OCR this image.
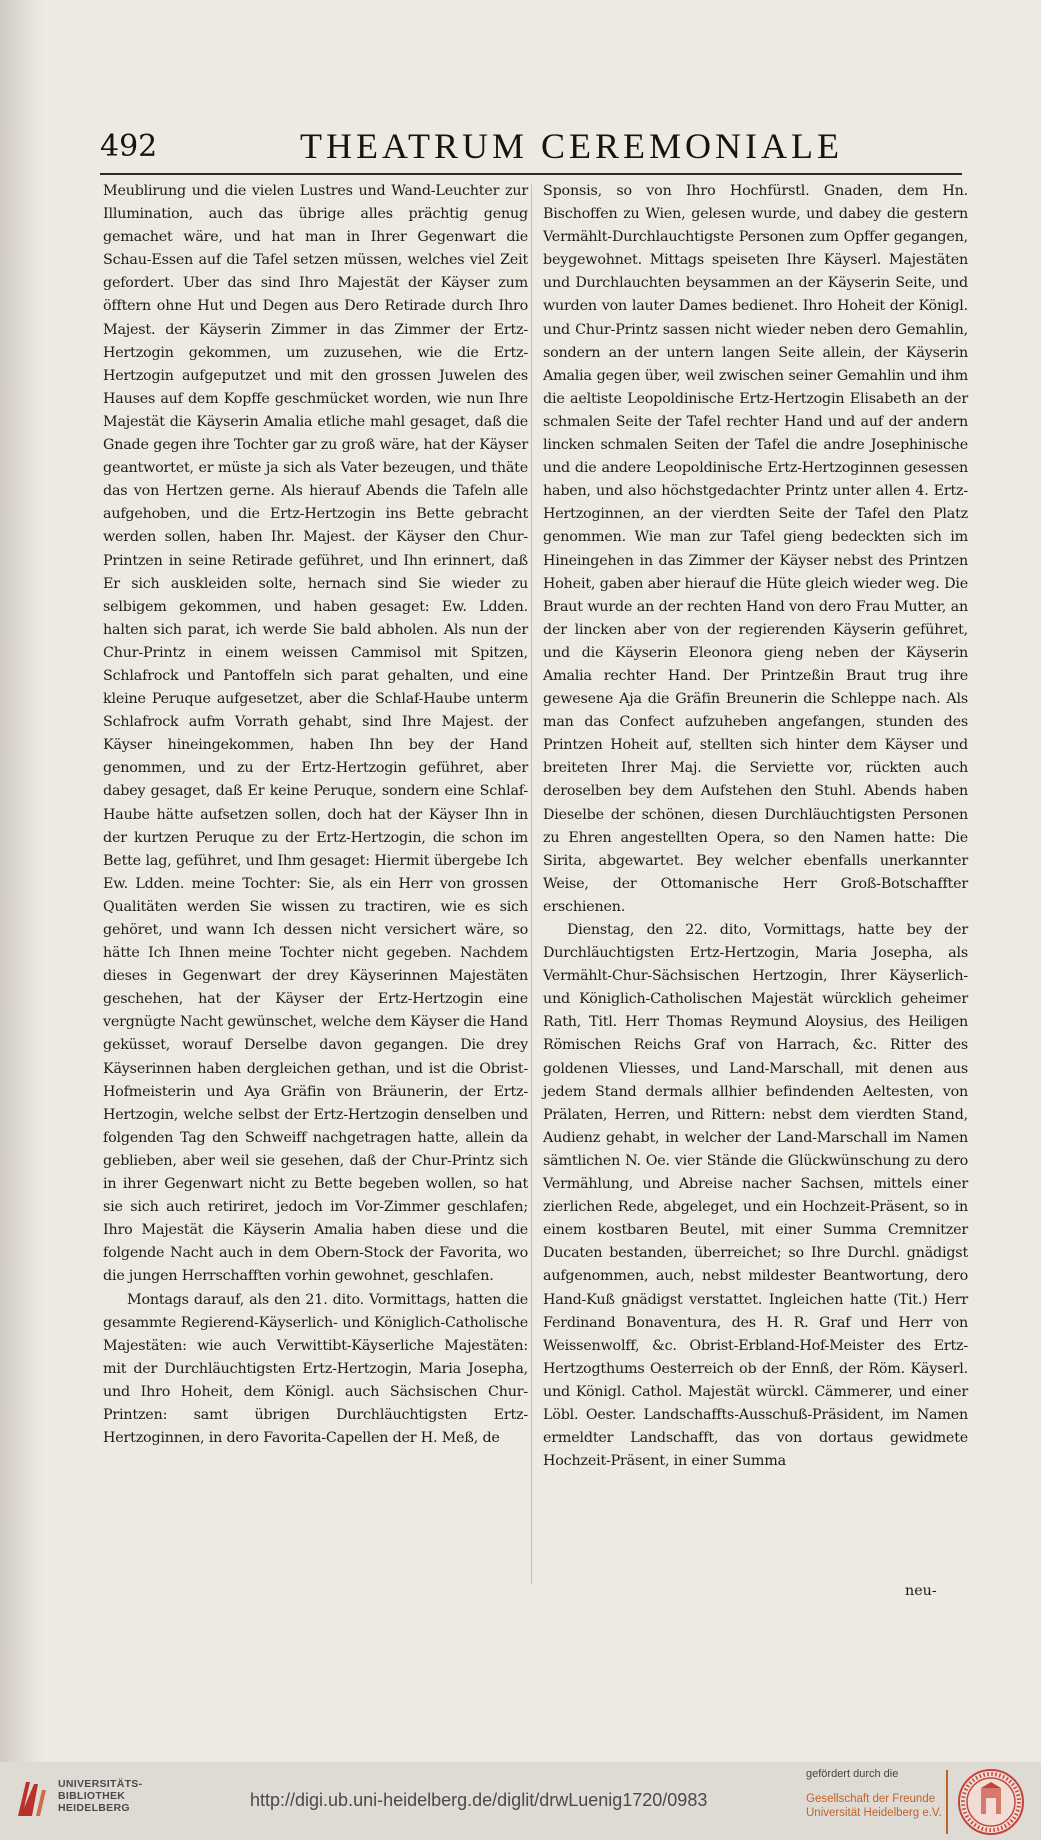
492	THEATRUM CEREMONIALE

Meublirung und die vielen Lustres und Wand-Leuchter zur Illumination, auch das übrige alles prächtig genug gemachet wäre, und hat man in Ihrer Gegenwart die Schau-Essen auf die Tafel setzen müssen, welches viel Zeit gefordert. Uber das sind Ihro Majestät der Käyser zum öfftern ohne Hut und Degen aus Dero Retirade durch Ihro Majest. der Käyserin Zimmer in das Zimmer der Ertz-Hertzogin gekommen, um zuzusehen, wie die Ertz-Hertzogin aufgeputzet und mit den grossen Juwelen des Hauses auf dem Kopffe geschmücket worden, wie nun Ihre Majestät die Käyserin Amalia etliche mahl gesaget, daß die Gnade gegen ihre Tochter gar zu groß wäre, hat der Käyser geantwortet, er müste ja sich als Vater bezeugen, und thäte das von Hertzen gerne. Als hierauf Abends die Tafeln alle aufgehoben, und die Ertz-Hertzogin ins Bette gebracht werden sollen, haben Ihr. Majest. der Käyser den Chur-Printzen in seine Retirade geführet, und Ihn erinnert, daß Er sich auskleiden solte, hernach sind Sie wieder zu selbigem gekommen, und haben gesaget: Ew. Ldden. halten sich parat, ich werde Sie bald abholen. Als nun der Chur-Printz in einem weissen Cammisol mit Spitzen, Schlafrock und Pantoffeln sich parat gehalten, und eine kleine Peruque aufgesetzet, aber die Schlaf-Haube unterm Schlafrock aufm Vorrath gehabt, sind Ihre Majest. der Käyser hineingekommen, haben Ihn bey der Hand genommen, und zu der Ertz-Hertzogin geführet, aber dabey gesaget, daß Er keine Peruque, sondern eine Schlaf-Haube hätte aufsetzen sollen, doch hat der Käyser Ihn in der kurtzen Peruque zu der Ertz-Hertzogin, die schon im Bette lag, geführet, und Ihm gesaget: Hiermit übergebe Ich Ew. Ldden. meine Tochter: Sie, als ein Herr von grossen Qualitäten werden Sie wissen zu tractiren, wie es sich gehöret, und wann Ich dessen nicht versichert wäre, so hätte Ich Ihnen meine Tochter nicht gegeben. Nachdem dieses in Gegenwart der drey Käyserinnen Majestäten geschehen, hat der Käyser der Ertz-Hertzogin eine vergnügte Nacht gewünschet, welche dem Käyser die Hand geküsset, worauf Derselbe davon gegangen. Die drey Käyserinnen haben dergleichen gethan, und ist die Obrist-Hofmeisterin und Aya Gräfin von Bräunerin, der Ertz-Hertzogin, welche selbst der Ertz-Hertzogin denselben und folgenden Tag den Schweiff nachgetragen hatte, allein da geblieben, aber weil sie gesehen, daß der Chur-Printz sich in ihrer Gegenwart nicht zu Bette begeben wollen, so hat sie sich auch retiriret, jedoch im Vor-Zimmer geschlafen; Ihro Majestät die Käyserin Amalia haben diese und die folgende Nacht auch in dem Obern-Stock der Favorita, wo die jungen Herrschafften vorhin gewohnet, geschlafen.

Montags darauf, als den 21. dito. Vormittags, hatten die gesammte Regierend-Käyserlich- und Königlich-Catholische Majestäten: wie auch Verwittibt-Käyserliche Majestäten: mit der Durchläuchtigsten Ertz-Hertzogin, Maria Josepha, und Ihro Hoheit, dem Königl. auch Sächsischen Chur-Printzen: samt übrigen Durchläuchtigsten Ertz-Hertzoginnen, in dero Favorita-Capellen der H. Meß, de

Sponsis, so von Ihro Hochfürstl. Gnaden, dem Hn. Bischoffen zu Wien, gelesen wurde, und dabey die gestern Vermählt-Durchlauchtigste Personen zum Opffer gegangen, beygewohnet. Mittags speiseten Ihre Käyserl. Majestäten und Durchlauchten beysammen an der Käyserin Seite, und wurden von lauter Dames bedienet. Ihro Hoheit der Königl. und Chur-Printz sassen nicht wieder neben dero Gemahlin, sondern an der untern langen Seite allein, der Käyserin Amalia gegen über, weil zwischen seiner Gemahlin und ihm die aeltiste Leopoldinische Ertz-Hertzogin Elisabeth an der schmalen Seite der Tafel rechter Hand und auf der andern lincken schmalen Seiten der Tafel die andre Josephinische und die andere Leopoldinische Ertz-Hertzoginnen gesessen haben, und also höchstgedachter Printz unter allen 4. Ertz-Hertzoginnen, an der vierdten Seite der Tafel den Platz genommen. Wie man zur Tafel gieng bedeckten sich im Hineingehen in das Zimmer der Käyser nebst des Printzen Hoheit, gaben aber hierauf die Hüte gleich wieder weg. Die Braut wurde an der rechten Hand von dero Frau Mutter, an der lincken aber von der regierenden Käyserin geführet, und die Käyserin Eleonora gieng neben der Käyserin Amalia rechter Hand. Der Printzeßin Braut trug ihre gewesene Aja die Gräfin Breunerin die Schleppe nach. Als man das Confect aufzuheben angefangen, stunden des Printzen Hoheit auf, stellten sich hinter dem Käyser und breiteten Ihrer Maj. die Serviette vor, rückten auch deroselben bey dem Aufstehen den Stuhl. Abends haben Dieselbe der schönen, diesen Durchläuchtigsten Personen zu Ehren angestellten Opera, so den Namen hatte: Die Sirita, abgewartet. Bey welcher ebenfalls unerkannter Weise, der Ottomanische Herr Groß-Botschaffter erschienen.

Dienstag, den 22. dito, Vormittags, hatte bey der Durchläuchtigsten Ertz-Hertzogin, Maria Josepha, als Vermählt-Chur-Sächsischen Hertzogin, Ihrer Käyserlich- und Königlich-Catholischen Majestät würcklich geheimer Rath, Titl. Herr Thomas Reymund Aloysius, des Heiligen Römischen Reichs Graf von Harrach, &c. Ritter des goldenen Vliesses, und Land-Marschall, mit denen aus jedem Stand dermals allhier befindenden Aeltesten, von Prälaten, Herren, und Rittern: nebst dem vierdten Stand, Audienz gehabt, in welcher der Land-Marschall im Namen sämtlichen N. Oe. vier Stände die Glückwünschung zu dero Vermählung, und Abreise nacher Sachsen, mittels einer zierlichen Rede, abgeleget, und ein Hochzeit-Präsent, so in einem kostbaren Beutel, mit einer Summa Cremnitzer Ducaten bestanden, überreichet; so Ihre Durchl. gnädigst aufgenommen, auch, nebst mildester Beantwortung, dero Hand-Kuß gnädigst verstattet. Ingleichen hatte (Tit.) Herr Ferdinand Bonaventura, des H. R. Graf und Herr von Weissenwolff, &c. Obrist-Erbland-Hof-Meister des Ertz-Hertzogthums Oesterreich ob der Ennß, der Röm. Käyserl. und Königl. Cathol. Majestät würckl. Cämmerer, und einer Löbl. Oester. Landschaffts-Ausschuß-Präsident, im Namen ermeldter Landschafft, das von dortaus gewidmete Hochzeit-Präsent, in einer Summa

neu-
UNIVERSITÄTS-
BIBLIOTHEK
HEIDELBERG	http://digi.ub.uni-heidelberg.de/diglit/drwLuenig1720/0983
gefördert durch die
Gesellschaft der Freunde
Universität Heidelberg e.V.
